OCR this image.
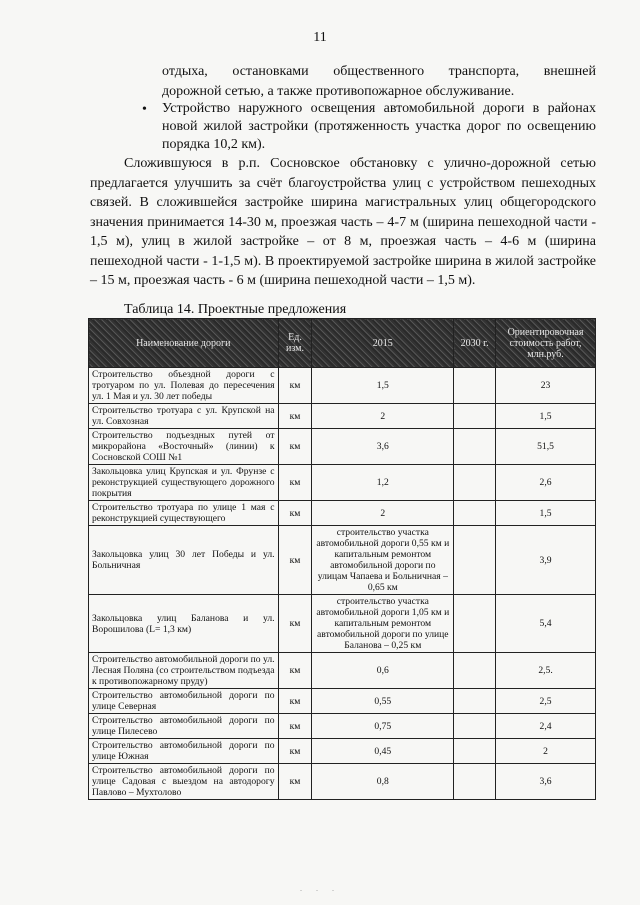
11
отдыха, остановками общественного транспорта, внешней
дорожной сетью, а также противопожарное обслуживание.
• Устройство наружного освещения автомобильной дороги в районах новой жилой застройки (протяженность участка дорог по освещению порядка 10,2 км).
Сложившуюся в р.п. Сосновское обстановку с улично-дорожной сетью предлагается улучшить за счёт благоустройства улиц с устройством пешеходных связей. В сложившейся застройке ширина магистральных улиц общегородского значения принимается 14-30 м, проезжая часть – 4-7 м (ширина пешеходной части - 1,5 м), улиц в жилой застройке – от 8 м, проезжая часть – 4-6 м (ширина пешеходной части - 1-1,5 м). В проектируемой застройке ширина в жилой застройке – 15 м, проезжая часть - 6 м (ширина пешеходной части – 1,5 м).
Таблица 14. Проектные предложения
Наименование дороги	Ед. изм.	2015	2030 г.	Ориентировочная стоимость работ, млн.руб.
Строительство объездной дороги с тротуаром по ул. Полевая до пересечения ул. 1 Мая и ул. 30 лет победы	км	1,5		23
Строительство тротуара с ул. Крупской на ул. Совхозная	км	2		1,5
Строительство подъездных путей от микрорайона «Восточный» (линии) к Сосновской СОШ №1	км	3,6		51,5
Закольцовка улиц Крупская и ул. Фрунзе с реконструкцией существующего дорожного покрытия	км	1,2		2,6
Строительство тротуара по улице 1 мая с реконструкцией существующего	км	2		1,5
Закольцовка улиц 30 лет Победы и ул. Больничная	км	строительство участка автомобильной дороги 0,55 км и капитальным ремонтом автомобильной дороги по улицам Чапаева и Больничная – 0,65 км		3,9
Закольцовка улиц Баланова и ул. Ворошилова (L= 1,3 км)	км	строительство участка автомобильной дороги 1,05 км и капитальным ремонтом автомобильной дороги по улице Баланова – 0,25 км		5,4
Строительство автомобильной дороги по ул. Лесная Поляна (со строительством подъезда к противопожарному пруду)	км	0,6		2,5.
Строительство автомобильной дороги по улице Северная	км	0,55		2,5
Строительство автомобильной дороги по улице Пилесево	км	0,75		2,4
Строительство автомобильной дороги по улице Южная	км	0,45		2
Строительство автомобильной дороги по улице Садовая с выездом на автодорогу Павлово – Мухтолово	км	0,8		3,6
. . .
